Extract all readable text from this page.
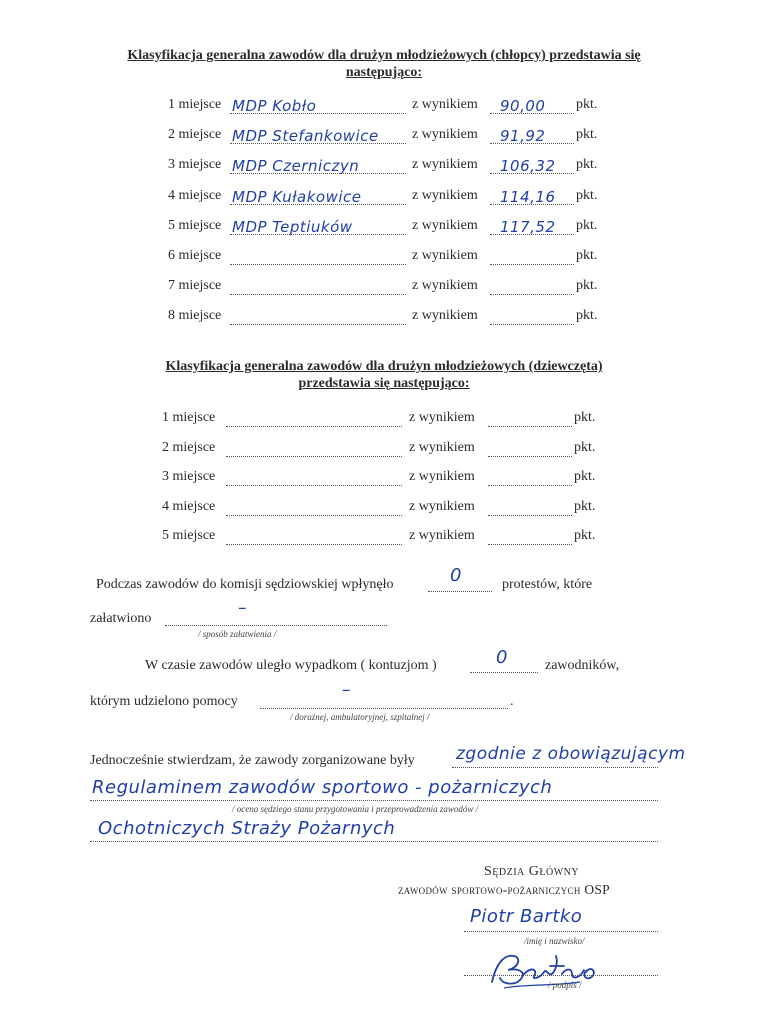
Klasyfikacja generalna zawodów dla drużyn młodzieżowych (chłopcy) przedstawia się
następująco:
1 miejsce MDP Kobło	z wynikiem 90,00 pkt.
2 miejsce MDP Stefankowice z wynikiem 91,92 pkt.
3 miejsce MDP Czerniczyn	z wynikiem 106,32 pkt.
4 miejsce MDP Kułakowice	z wynikiem 114,16 pkt.
5 miejsce MDP Teptiuków	z wynikiem 117,52 pkt.
6 miejsce	z wynikiem	pkt.
7 miejsce	z wynikiem	pkt.
8 miejsce	z wynikiem	pkt.
Klasyfikacja generalna zawodów dla drużyn młodzieżowych (dziewczęta)
przedstawia się następująco:
1 miejsce	z wynikiem	pkt.
2 miejsce	z wynikiem	pkt.
3 miejsce	z wynikiem	pkt.
4 miejsce	z wynikiem	pkt.
5 miejsce	z wynikiem	pkt.
Podczas zawodów do komisji sędziowskiej wpłynęło	0	protestów, które
załatwiono
–
/ sposób załatwienia /
W czasie zawodów uległo wypadkom ( kontuzjom )	0	zawodników,
którym udzielono pomocy
–
.
/ doraźnej, ambulatoryjnej, szpitalnej /
Jednocześnie stwierdzam, że zawody zorganizowane były zgodnie z obowiązującym
Regulaminem zawodów sportowo - pożarniczych
/ ocena sędziego stanu przygotowania i przeprowadzenia zawodów /
Ochotniczych Straży Pożarnych
Sędzia Główny
zawodów sportowo-pożarniczych OSP
Piotr Bartko
/imię i nazwisko/
/ podpis /
